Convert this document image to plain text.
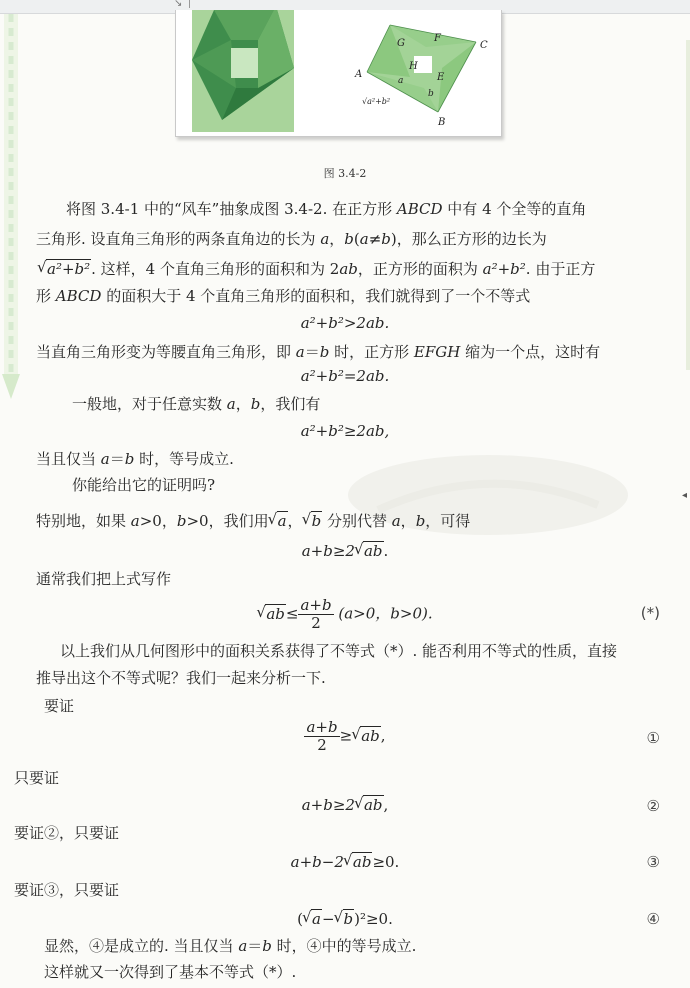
↘
◂
G	F
C
A
H
E
a
b
B
√a²+b²
图 3.4-2
将图 3.4-1 中的“风车”抽象成图 3.4-2. 在正方形 ABCD 中有 4 个全等的直角
三角形. 设直角三角形的两条直角边的长为 a，b(a≠b)，那么正方形的边长为
√ a²+b². 这样，4 个直角三角形的面积和为 2ab，正方形的面积为 a²+b². 由于正方
形 ABCD 的面积大于 4 个直角三角形的面积和，我们就得到了一个不等式
a²+b²>2ab.
当直角三角形变为等腰直角三角形，即 a＝b 时，正方形 EFGH 缩为一个点，这时有
a²+b²=2ab.
一般地，对于任意实数 a，b，我们有
a²+b²≥2ab,
当且仅当 a＝b 时，等号成立.
你能给出它的证明吗?
特别地，如果 a>0，b>0，我们用 √ a， √ b 分别代替 a，b，可得
a+b≥2 √ ab.
通常我们把上式写作
√ $ab\le \frac{a+b}{2} (a>0$，b>0).	(*)
以上我们从几何图形中的面积关系获得了不等式（*）. 能否利用不等式的性质，直接
推导出这个不等式呢？我们一起来分析一下.
要证
$\frac{a+b}{2}$ ≥ √ ab,	①
只要证
a+b≥2 √ ab,	②
要证②，只要证
a+b−2 √ ab≥0.	③
要证③，只要证
( √ a− √ b)²≥0.	④
显然，④是成立的. 当且仅当 a＝b 时，④中的等号成立.
这样就又一次得到了基本不等式（*）.
